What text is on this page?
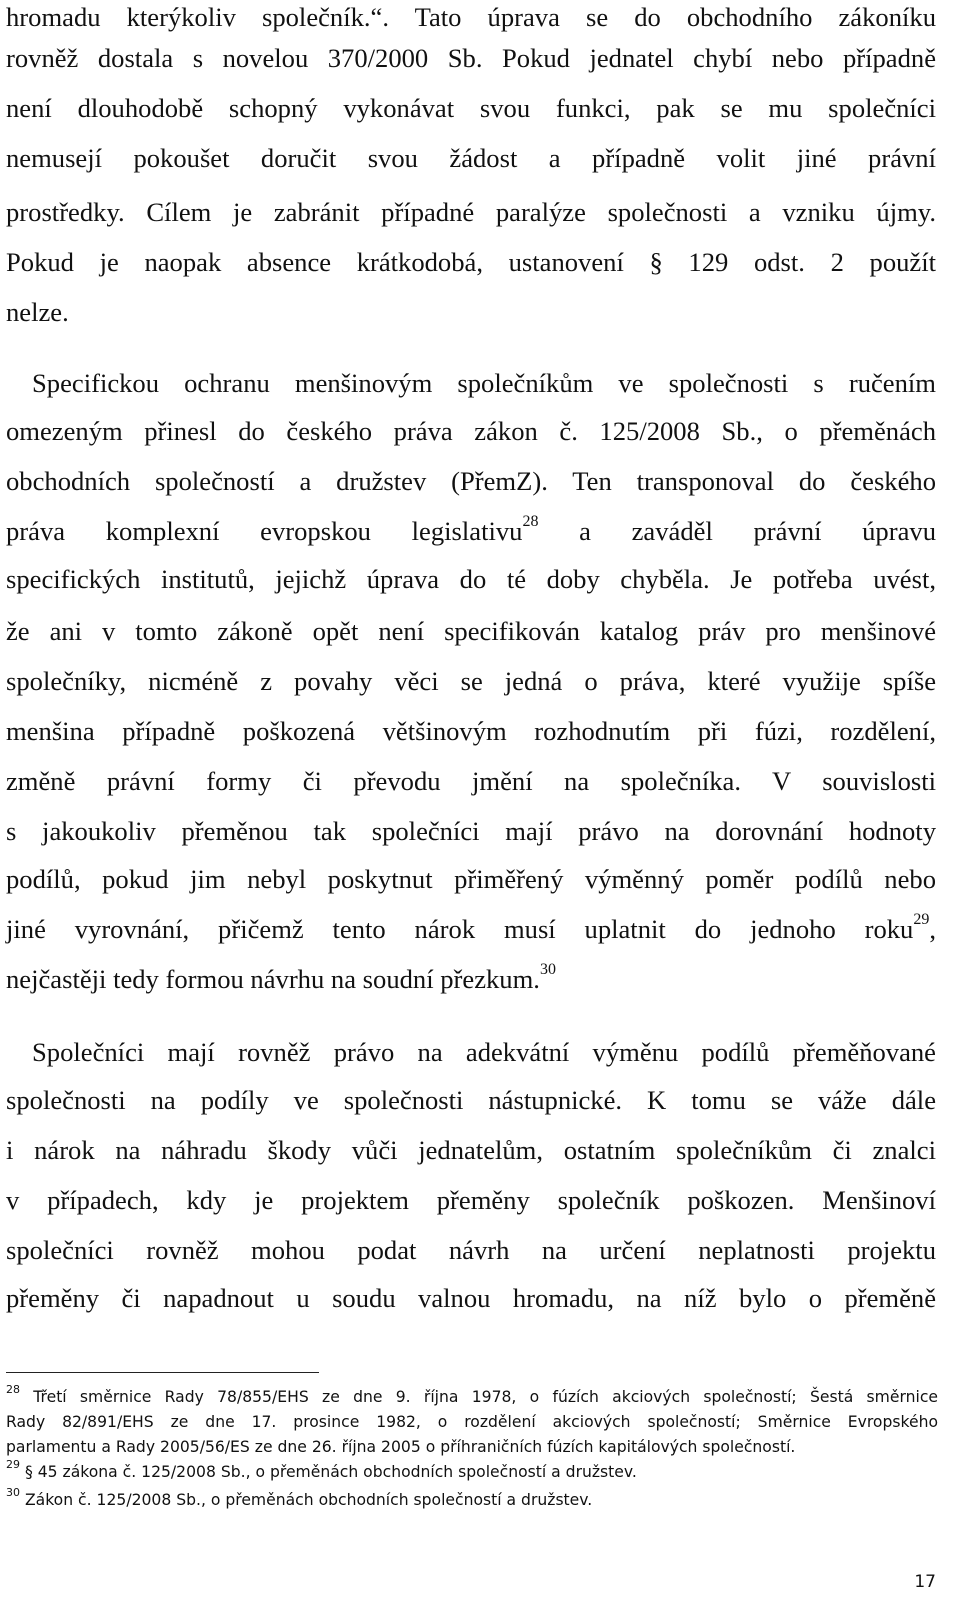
hromadu kterýkoliv společník.“. Tato úprava se do obchodního zákoníku

rovněž dostala s novelou 370/2000 Sb. Pokud jednatel chybí nebo případně

není dlouhodobě schopný vykonávat svou funkci, pak se mu společníci

nemusejí pokoušet doručit svou žádost a případně volit jiné právní

prostředky. Cílem je zabránit případné paralýze společnosti a vzniku újmy.

Pokud je naopak absence krátkodobá, ustanovení § 129 odst. 2 použít

nelze.

Specifickou ochranu menšinovým společníkům ve společnosti s ručením

omezeným přinesl do českého práva zákon č. 125/2008 Sb., o přeměnách

obchodních společností a družstev (PřemZ). Ten transponoval do českého

práva komplexní evropskou legislativu$^{28}$ a zaváděl právní úpravu

specifických institutů, jejichž úprava do té doby chyběla. Je potřeba uvést,

že ani v tomto zákoně opět není specifikován katalog práv pro menšinové

společníky, nicméně z povahy věci se jedná o práva, které využije spíše

menšina případně poškozená většinovým rozhodnutím při fúzi, rozdělení,

změně právní formy či převodu jmění na společníka. V souvislosti

s jakoukoliv přeměnou tak společníci mají právo na dorovnání hodnoty

podílů, pokud jim nebyl poskytnut přiměřený výměnný poměr podílů nebo

jiné vyrovnání, přičemž tento nárok musí uplatnit do jednoho roku$^{29}$,

nejčastěji tedy formou návrhu na soudní přezkum.$^{30}$

Společníci mají rovněž právo na adekvátní výměnu podílů přeměňované

společnosti na podíly ve společnosti nástupnické. K tomu se váže dále

i nárok na náhradu škody vůči jednatelům, ostatním společníkům či znalci

v případech, kdy je projektem přeměny společník poškozen. Menšinoví

společníci rovněž mohou podat návrh na určení neplatnosti projektu

přeměny či napadnout u soudu valnou hromadu, na níž bylo o přeměně

$^{28}$ Třetí směrnice Rady 78/855/EHS ze dne 9. října 1978, o fúzích akciových společností; Šestá směrnice
Rady 82/891/EHS ze dne 17. prosince 1982, o rozdělení akciových společností; Směrnice Evropského
parlamentu a Rady 2005/56/ES ze dne 26. října 2005 o příhraničních fúzích kapitálových společností.
$^{29}$ § 45 zákona č. 125/2008 Sb., o přeměnách obchodních společností a družstev.
$^{30}$ Zákon č. 125/2008 Sb., o přeměnách obchodních společností a družstev.
17
